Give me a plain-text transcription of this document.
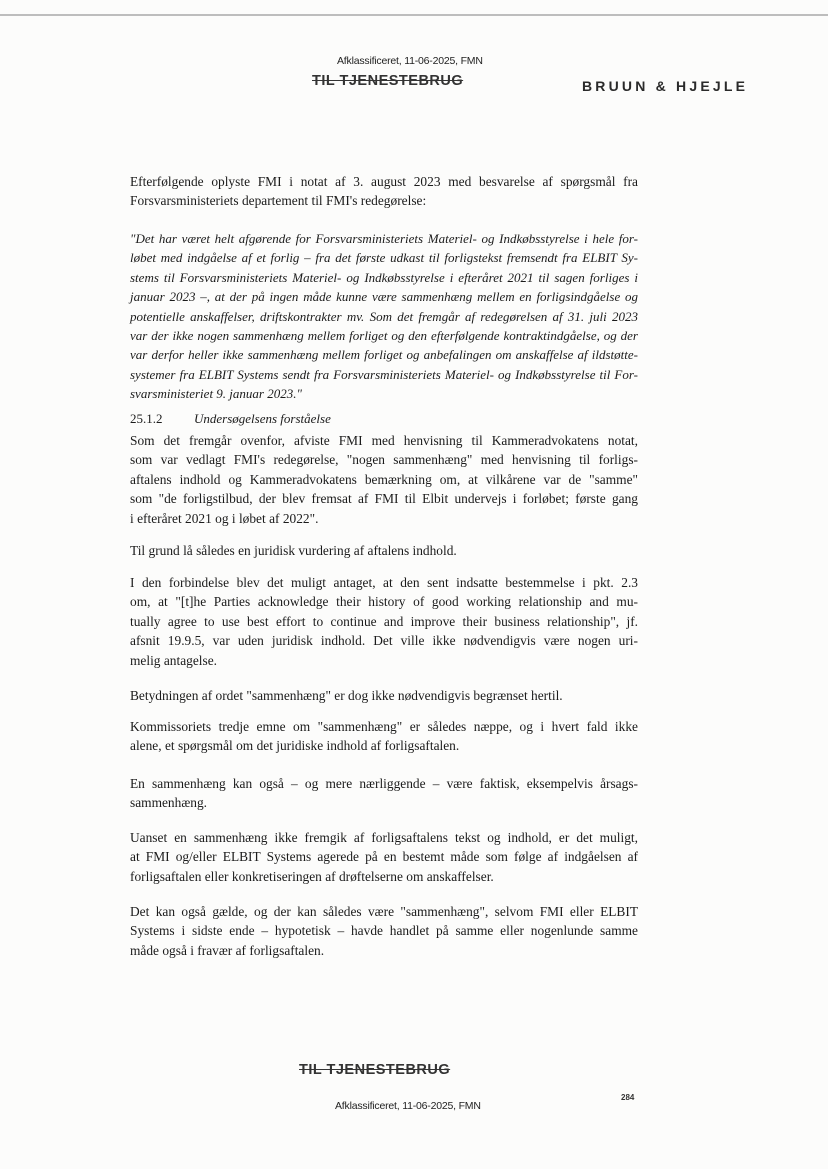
Afklassificeret, 11-06-2025, FMN
TIL TJENESTEBRUG	BRUUN & HJEJLE
Efterfølgende oplyste FMI i notat af 3. august 2023 med besvarelse af spørgsmål fra
Forsvarsministeriets departement til FMI's redegørelse:
"Det har været helt afgørende for Forsvarsministeriets Materiel- og Indkøbsstyrelse i hele for-
løbet med indgåelse af et forlig – fra det første udkast til forligstekst fremsendt fra ELBIT Sy-
stems til Forsvarsministeriets Materiel- og Indkøbsstyrelse i efteråret 2021 til sagen forliges i
januar 2023 –, at der på ingen måde kunne være sammenhæng mellem en forligsindgåelse og
potentielle anskaffelser, driftskontrakter mv. Som det fremgår af redegørelsen af 31. juli 2023
var der ikke nogen sammenhæng mellem forliget og den efterfølgende kontraktindgåelse, og der
var derfor heller ikke sammenhæng mellem forliget og anbefalingen om anskaffelse af ildstøtte-
systemer fra ELBIT Systems sendt fra Forsvarsministeriets Materiel- og Indkøbsstyrelse til For-
svarsministeriet 9. januar 2023."
25.1.2 Undersøgelsens forståelse
Som det fremgår ovenfor, afviste FMI med henvisning til Kammeradvokatens notat,
som var vedlagt FMI's redegørelse, "nogen sammenhæng" med henvisning til forligs-
aftalens indhold og Kammeradvokatens bemærkning om, at vilkårene var de "samme"
som "de forligstilbud, der blev fremsat af FMI til Elbit undervejs i forløbet; første gang
i efteråret 2021 og i løbet af 2022".
Til grund lå således en juridisk vurdering af aftalens indhold.
I den forbindelse blev det muligt antaget, at den sent indsatte bestemmelse i pkt. 2.3
om, at "[t]he Parties acknowledge their history of good working relationship and mu-
tually agree to use best effort to continue and improve their business relationship", jf.
afsnit 19.9.5, var uden juridisk indhold. Det ville ikke nødvendigvis være nogen uri-
melig antagelse.
Betydningen af ordet "sammenhæng" er dog ikke nødvendigvis begrænset hertil.
Kommissoriets tredje emne om "sammenhæng" er således næppe, og i hvert fald ikke
alene, et spørgsmål om det juridiske indhold af forligsaftalen.
En sammenhæng kan også – og mere nærliggende – være faktisk, eksempelvis årsags-
sammenhæng.
Uanset en sammenhæng ikke fremgik af forligsaftalens tekst og indhold, er det muligt,
at FMI og/eller ELBIT Systems agerede på en bestemt måde som følge af indgåelsen af
forligsaftalen eller konkretiseringen af drøftelserne om anskaffelser.
Det kan også gælde, og der kan således være "sammenhæng", selvom FMI eller ELBIT
Systems i sidste ende – hypotetisk – havde handlet på samme eller nogenlunde samme
måde også i fravær af forligsaftalen.
TIL TJENESTEBRUG
Afklassificeret, 11-06-2025, FMN
284
